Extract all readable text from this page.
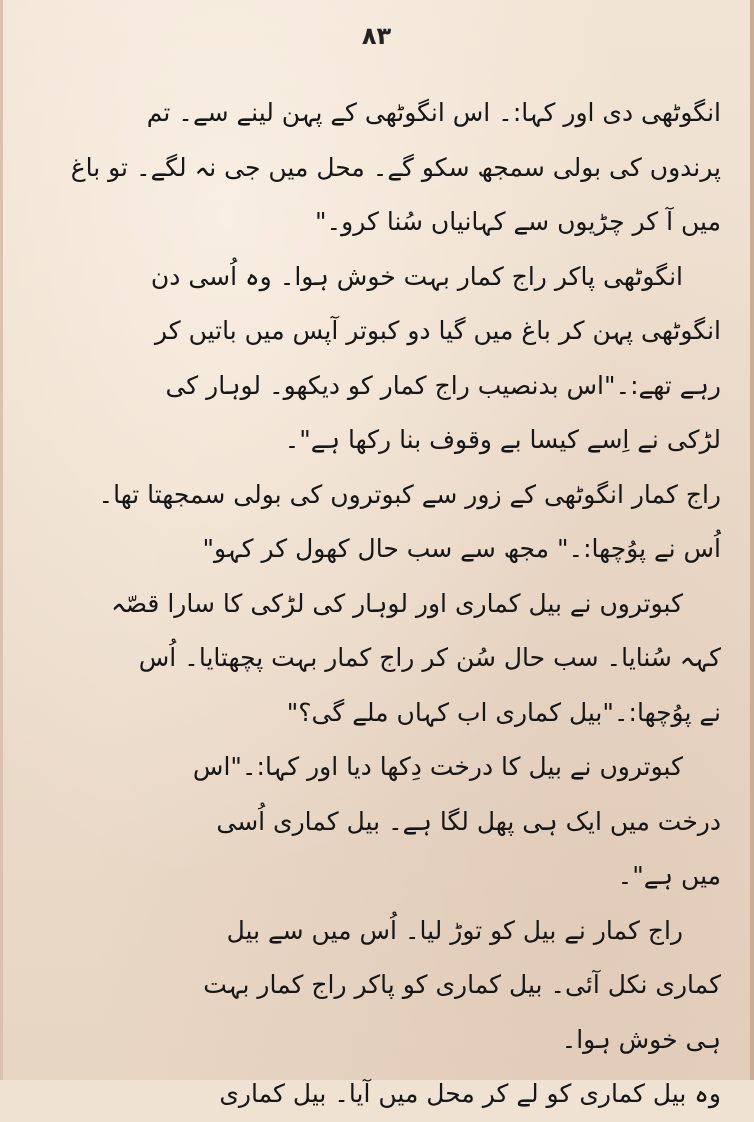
۸۳
انگوٹھی دی اور کہا:۔ اس انگوٹھی کے پہن لینے سے۔ تم
پرندوں کی بولی سمجھ سکو گے۔ محل میں جی نہ لگے۔ تو باغ
میں آ کر چڑیوں سے کہانیاں سُنا کرو۔"
انگوٹھی پاکر راج کمار بہت خوش ہوا۔ وہ اُسی دن
انگوٹھی پہن کر باغ میں گیا دو کبوتر آپس میں باتیں کر
رہے تھے:۔"اس بدنصیب راج کمار کو دیکھو۔ لوہار کی
لڑکی نے اِسے کیسا بے وقوف بنا رکھا ہے"۔
راج کمار انگوٹھی کے زور سے کبوتروں کی بولی سمجھتا تھا۔
اُس نے پوُچھا:۔" مجھ سے سب حال کھول کر کہو"
کبوتروں نے بیل کماری اور لوہار کی لڑکی کا سارا قصّہ
کہہ سُنایا۔ سب حال سُن کر راج کمار بہت پچھتایا۔ اُس
نے پوُچھا:۔"بیل کماری اب کہاں ملے گی؟"
کبوتروں نے بیل کا درخت دِکھا دیا اور کہا:۔"اس
درخت میں ایک ہی پھل لگا ہے۔ بیل کماری اُسی
میں ہے"۔
راج کمار نے بیل کو توڑ لیا۔ اُس میں سے بیل
کماری نکل آئی۔ بیل کماری کو پاکر راج کمار بہت
ہی خوش ہوا۔
وہ بیل کماری کو لے کر محل میں آیا۔ بیل کماری
